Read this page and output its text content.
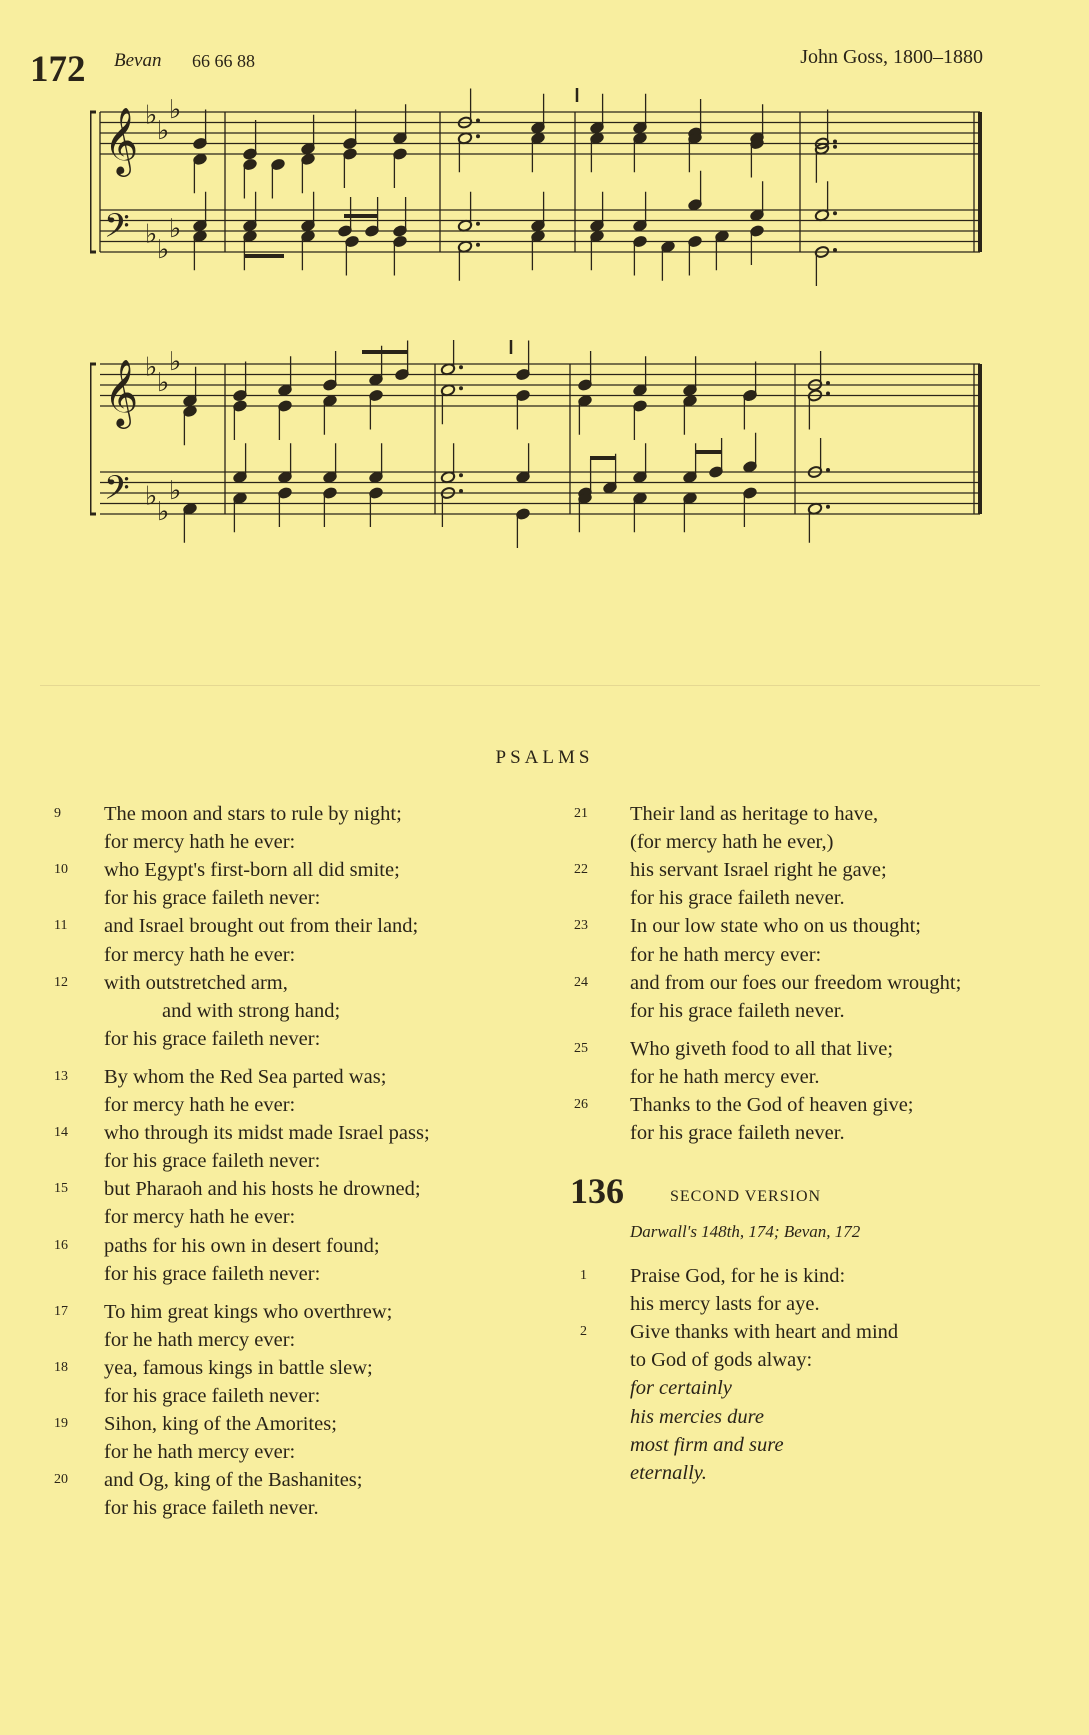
172 Bevan 66 66 88	John Goss, 1800–1880
𝄞 ♭
♭
♭
𝄢 ♭
♭
♭
𝄞 ♭
♭
♭
𝄢 ♭
♭
♭
PSALMS
9 The moon and stars to rule by night;
for mercy hath he ever:
10 who Egypt's first-born all did smite;
for his grace faileth never:
11 and Israel brought out from their land;
for mercy hath he ever:
12 with outstretched arm,
and with strong hand;
for his grace faileth never:
13 By whom the Red Sea parted was;
for mercy hath he ever:
14 who through its midst made Israel pass;
for his grace faileth never:
15 but Pharaoh and his hosts he drowned;
for mercy hath he ever:
16 paths for his own in desert found;
for his grace faileth never:
17 To him great kings who overthrew;
for he hath mercy ever:
18 yea, famous kings in battle slew;
for his grace faileth never:
19 Sihon, king of the Amorites;
for he hath mercy ever:
20 and Og, king of the Bashanites;
for his grace faileth never.
21 Their land as heritage to have,
(for mercy hath he ever,)
22 his servant Israel right he gave;
for his grace faileth never.
23 In our low state who on us thought;
for he hath mercy ever:
24 and from our foes our freedom wrought;
for his grace faileth never.
25 Who giveth food to all that live;
for he hath mercy ever.
26 Thanks to the God of heaven give;
for his grace faileth never.
136	SECOND VERSION
Darwall's 148th, 174; Bevan, 172
1 Praise God, for he is kind:
his mercy lasts for aye.
2 Give thanks with heart and mind
to God of gods alway:
for certainly
his mercies dure
most firm and sure
eternally.
